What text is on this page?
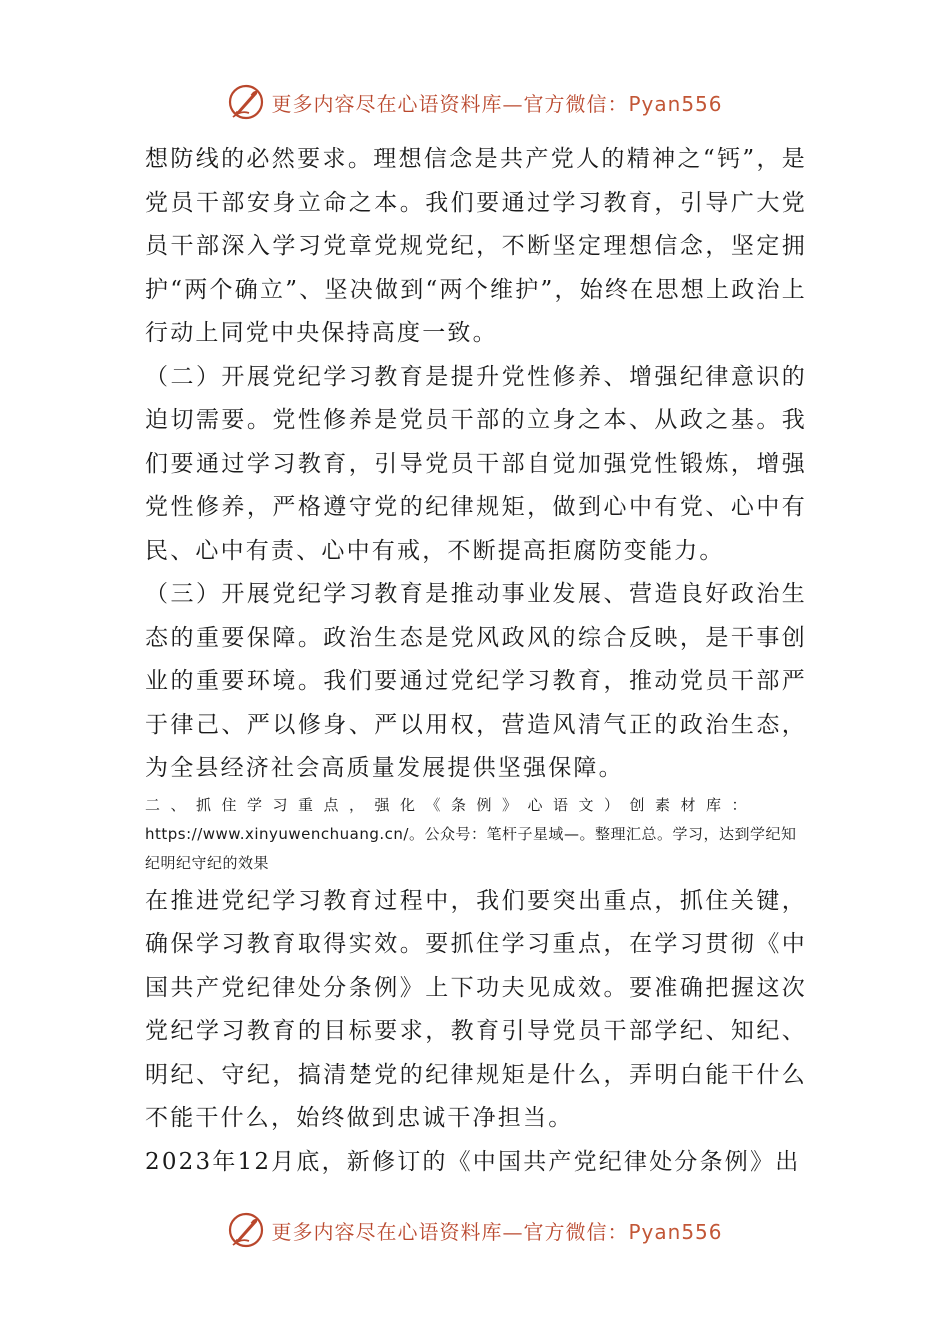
更多内容尽在心语资料库—官方微信：Pyan556

想防线的必然要求。理想信念是共产党人的精神之“钙”，是党员干部安身立命之本。我们要通过学习教育，引导广大党员干部深入学习党章党规党纪，不断坚定理想信念，坚定拥护“两个确立”、坚决做到“两个维护”，始终在思想上政治上行动上同党中央保持高度一致。

（二）开展党纪学习教育是提升党性修养、增强纪律意识的迫切需要。党性修养是党员干部的立身之本、从政之基。我们要通过学习教育，引导党员干部自觉加强党性锻炼，增强党性修养，严格遵守党的纪律规矩，做到心中有党、心中有民、心中有责、心中有戒，不断提高拒腐防变能力。

（三）开展党纪学习教育是推动事业发展、营造良好政治生态的重要保障。政治生态是党风政风的综合反映，是干事创业的重要环境。我们要通过党纪学习教育，推动党员干部严于律己、严以修身、严以用权，营造风清气正的政治生态，为全县经济社会高质量发展提供坚强保障。

二、抓住学习重点，强化《条例》心语文）创素材库：https://www.xinyuwenchuang.cn/。公众号：笔杆子星域—。整理汇总。学习，达到学纪知纪明纪守纪的效果

在推进党纪学习教育过程中，我们要突出重点，抓住关键，确保学习教育取得实效。要抓住学习重点，在学习贯彻《中国共产党纪律处分条例》上下功夫见成效。要准确把握这次党纪学习教育的目标要求，教育引导党员干部学纪、知纪、明纪、守纪，搞清楚党的纪律规矩是什么，弄明白能干什么不能干什么，始终做到忠诚干净担当。

2023年12月底，新修订的《中国共产党纪律处分条例》出

更多内容尽在心语资料库—官方微信：Pyan556
